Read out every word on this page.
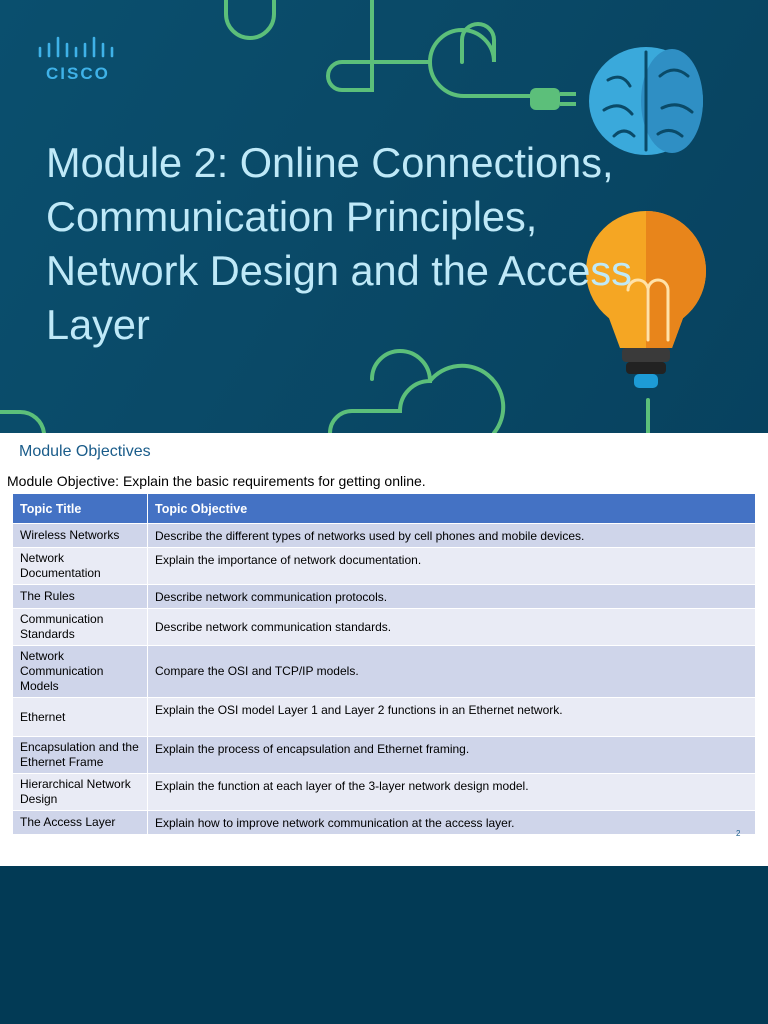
CISCO
Module 2: Online Connections, Communication Principles, Network Design and the Access Layer
Module Objectives
Module Objective: Explain the basic requirements for getting online.
Topic Title	Topic Objective
Wireless Networks	Describe the different types of networks used by cell phones and mobile devices.
Network Documentation	Explain the importance of network documentation.
The Rules	Describe network communication protocols.
Communication Standards	Describe network communication standards.
Network Communication Models	Compare the OSI and TCP/IP models.
Ethernet	Explain the OSI model Layer 1 and Layer 2 functions in an Ethernet network.
Encapsulation and the Ethernet Frame	Explain the process of encapsulation and Ethernet framing.
Hierarchical Network Design	Explain the function at each layer of the 3-layer network design model.
The Access Layer	Explain how to improve network communication at the access layer.
2
